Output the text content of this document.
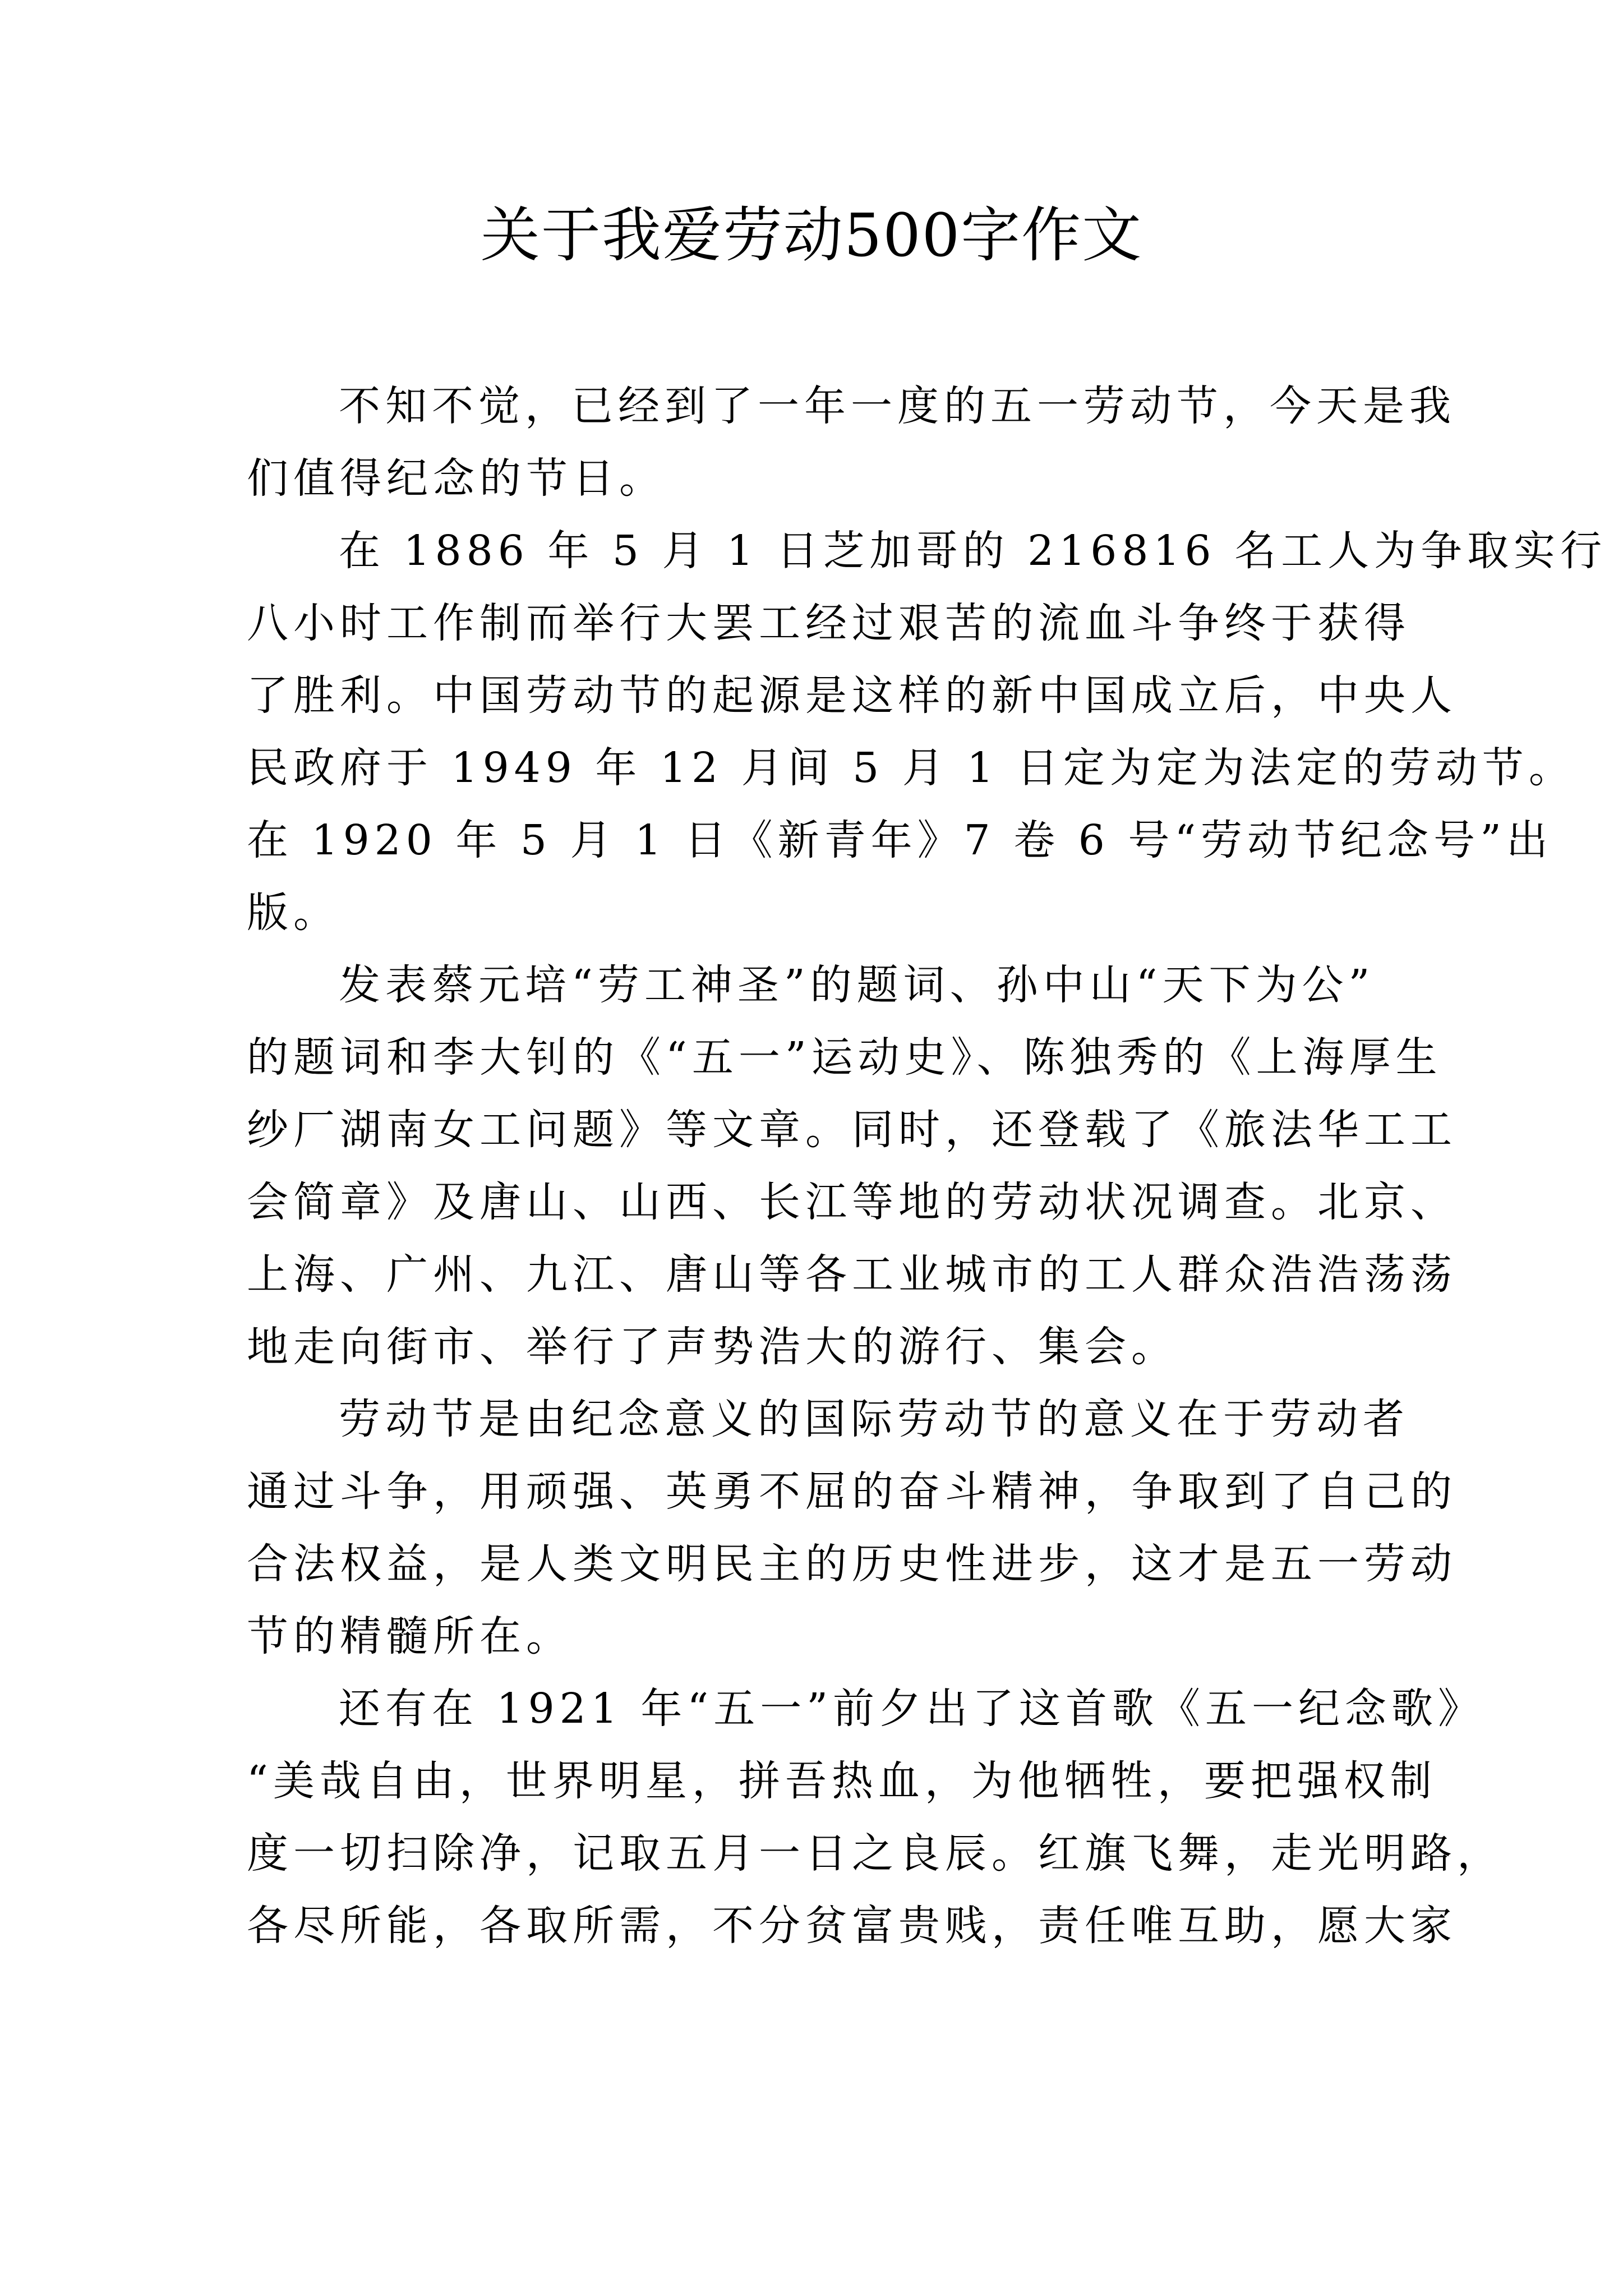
关于我爱劳动500字作文
不知不觉，已经到了一年一度的五一劳动节，今天是我
们值得纪念的节日。
在 1886 年 5 月 1 日芝加哥的 216816 名工人为争取实行
八小时工作制而举行大罢工经过艰苦的流血斗争终于获得
了胜利。中国劳动节的起源是这样的新中国成立后，中央人
民政府于 1949 年 12 月间 5 月 1 日定为定为法定的劳动节。
在 1920 年 5 月 1 日《新青年》7 卷 6 号“劳动节纪念号”出
版。
发表蔡元培“劳工神圣”的题词、孙中山“天下为公”
的题词和李大钊的《“五一”运动史》、陈独秀的《上海厚生
纱厂湖南女工问题》等文章。同时，还登载了《旅法华工工
会简章》及唐山、山西、长江等地的劳动状况调查。北京、
上海、广州、九江、唐山等各工业城市的工人群众浩浩荡荡
地走向街市、举行了声势浩大的游行、集会。
劳动节是由纪念意义的国际劳动节的意义在于劳动者
通过斗争，用顽强、英勇不屈的奋斗精神，争取到了自己的
合法权益，是人类文明民主的历史性进步，这才是五一劳动
节的精髓所在。
还有在 1921 年“五一”前夕出了这首歌《五一纪念歌》
“美哉自由，世界明星，拼吾热血，为他牺牲，要把强权制
度一切扫除净，记取五月一日之良辰。红旗飞舞，走光明路，
各尽所能，各取所需，不分贫富贵贱，责任唯互助，愿大家
